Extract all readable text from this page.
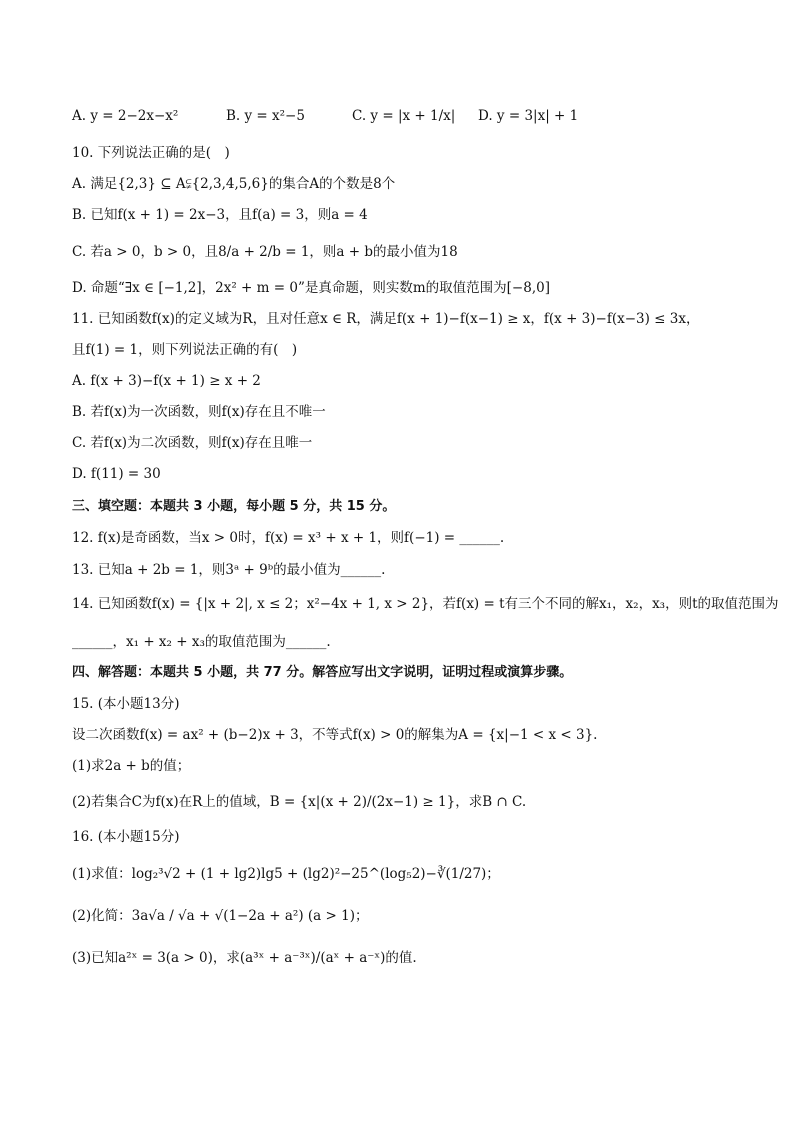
A. y = 2−2x−x²	B. y = x²−5	C. y = |x + 1/x| D. y = 3|x| + 1
10. 下列说法正确的是(　)
A. 满足{2,3} ⊆ A⫋{2,3,4,5,6}的集合A的个数是8个
B. 已知f(x + 1) = 2x−3，且f(a) = 3，则a = 4
C. 若a > 0，b > 0，且8/a + 2/b = 1，则a + b的最小值为18
D. 命题“∃x ∈ [−1,2]，2x² + m = 0”是真命题，则实数m的取值范围为[−8,0]
11. 已知函数f(x)的定义域为R，且对任意x ∈ R，满足f(x + 1)−f(x−1) ≥ x，f(x + 3)−f(x−3) ≤ 3x，
且f(1) = 1，则下列说法正确的有(　)
A. f(x + 3)−f(x + 1) ≥ x + 2
B. 若f(x)为一次函数，则f(x)存在且不唯一
C. 若f(x)为二次函数，则f(x)存在且唯一
D. f(11) = 30
三、填空题：本题共 3 小题，每小题 5 分，共 15 分。
12. f(x)是奇函数，当x > 0时，f(x) = x³ + x + 1，则f(−1) = ______.
13. 已知a + 2b = 1，则3ᵃ + 9ᵇ的最小值为______.
14. 已知函数f(x) = {|x + 2|, x ≤ 2；x²−4x + 1, x > 2}，若f(x) = t有三个不同的解x₁，x₂，x₃，则t的取值范围为
______，x₁ + x₂ + x₃的取值范围为______.
四、解答题：本题共 5 小题，共 77 分。解答应写出文字说明，证明过程或演算步骤。
15. (本小题13分)
设二次函数f(x) = ax² + (b−2)x + 3，不等式f(x) > 0的解集为A = {x|−1 < x < 3}.
(1)求2a + b的值；
(2)若集合C为f(x)在R上的值域，B = {x|(x + 2)/(2x−1) ≥ 1}，求B ∩ C.
16. (本小题15分)
(1)求值：log₂³√2 + (1 + lg2)lg5 + (lg2)²−25^(log₅2)−∛(1/27)；
(2)化简：3a√a / √a + √(1−2a + a²) (a > 1)；
(3)已知a²ˣ = 3(a > 0)，求(a³ˣ + a⁻³ˣ)/(aˣ + a⁻ˣ)的值.
